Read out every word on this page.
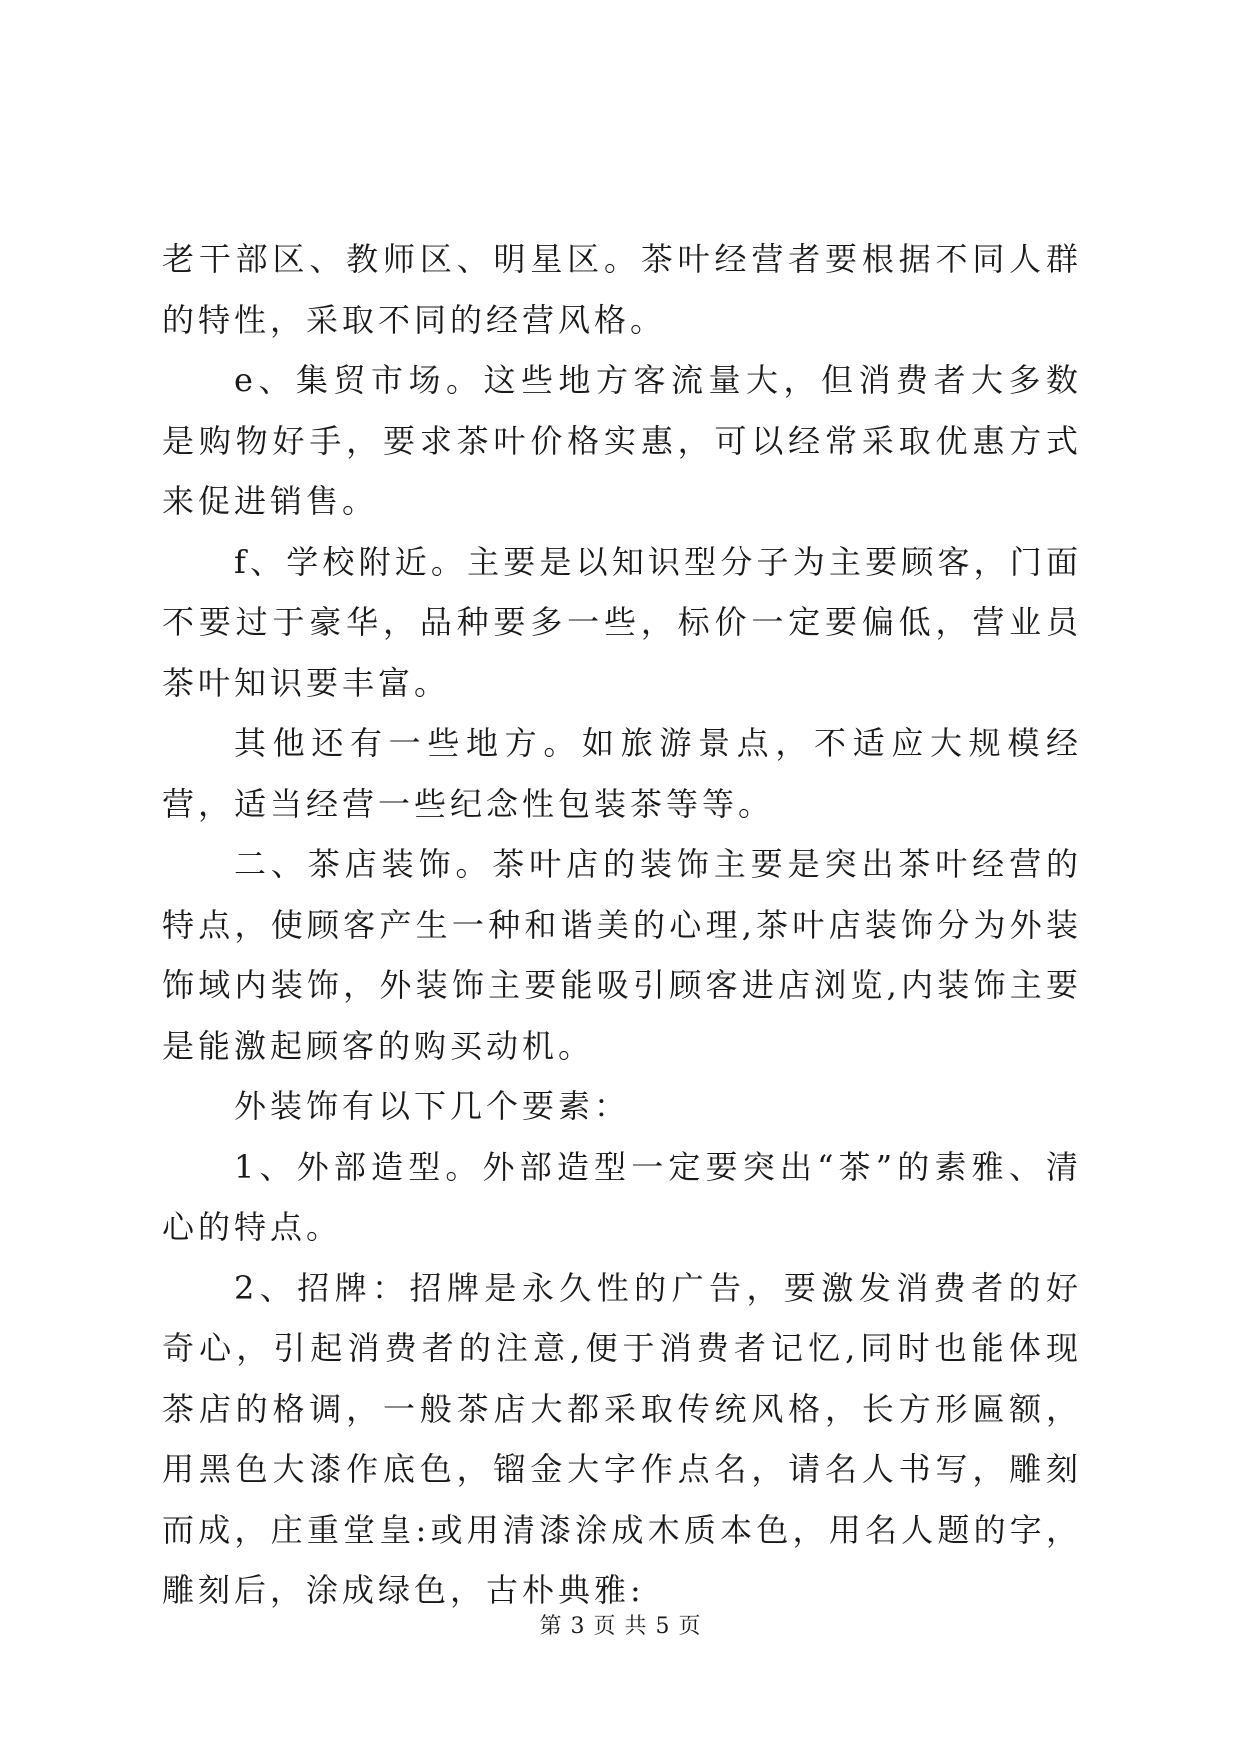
老干部区、教师区、明星区。茶叶经营者要根据不同人群的特性，采取不同的经营风格。

e、集贸市场。这些地方客流量大，但消费者大多数是购物好手，要求茶叶价格实惠，可以经常采取优惠方式来促进销售。

f、学校附近。主要是以知识型分子为主要顾客，门面不要过于豪华，品种要多一些，标价一定要偏低，营业员茶叶知识要丰富。

其他还有一些地方。如旅游景点，不适应大规模经营，适当经营一些纪念性包装茶等等。

二、茶店装饰。茶叶店的装饰主要是突出茶叶经营的特点，使顾客产生一种和谐美的心理,茶叶店装饰分为外装饰域内装饰，外装饰主要能吸引顾客进店浏览,内装饰主要是能激起顾客的购买动机。

外装饰有以下几个要素：

1、外部造型。外部造型一定要突出“茶”的素雅、清心的特点。

2、招牌：招牌是永久性的广告，要激发消费者的好奇心，引起消费者的注意,便于消费者记忆,同时也能体现茶店的格调，一般茶店大都采取传统风格，长方形匾额，用黑色大漆作底色，镏金大字作点名，请名人书写，雕刻而成，庄重堂皇:或用清漆涂成木质本色，用名人题的字，雕刻后，涂成绿色，古朴典雅:

第 3 页 共 5 页
